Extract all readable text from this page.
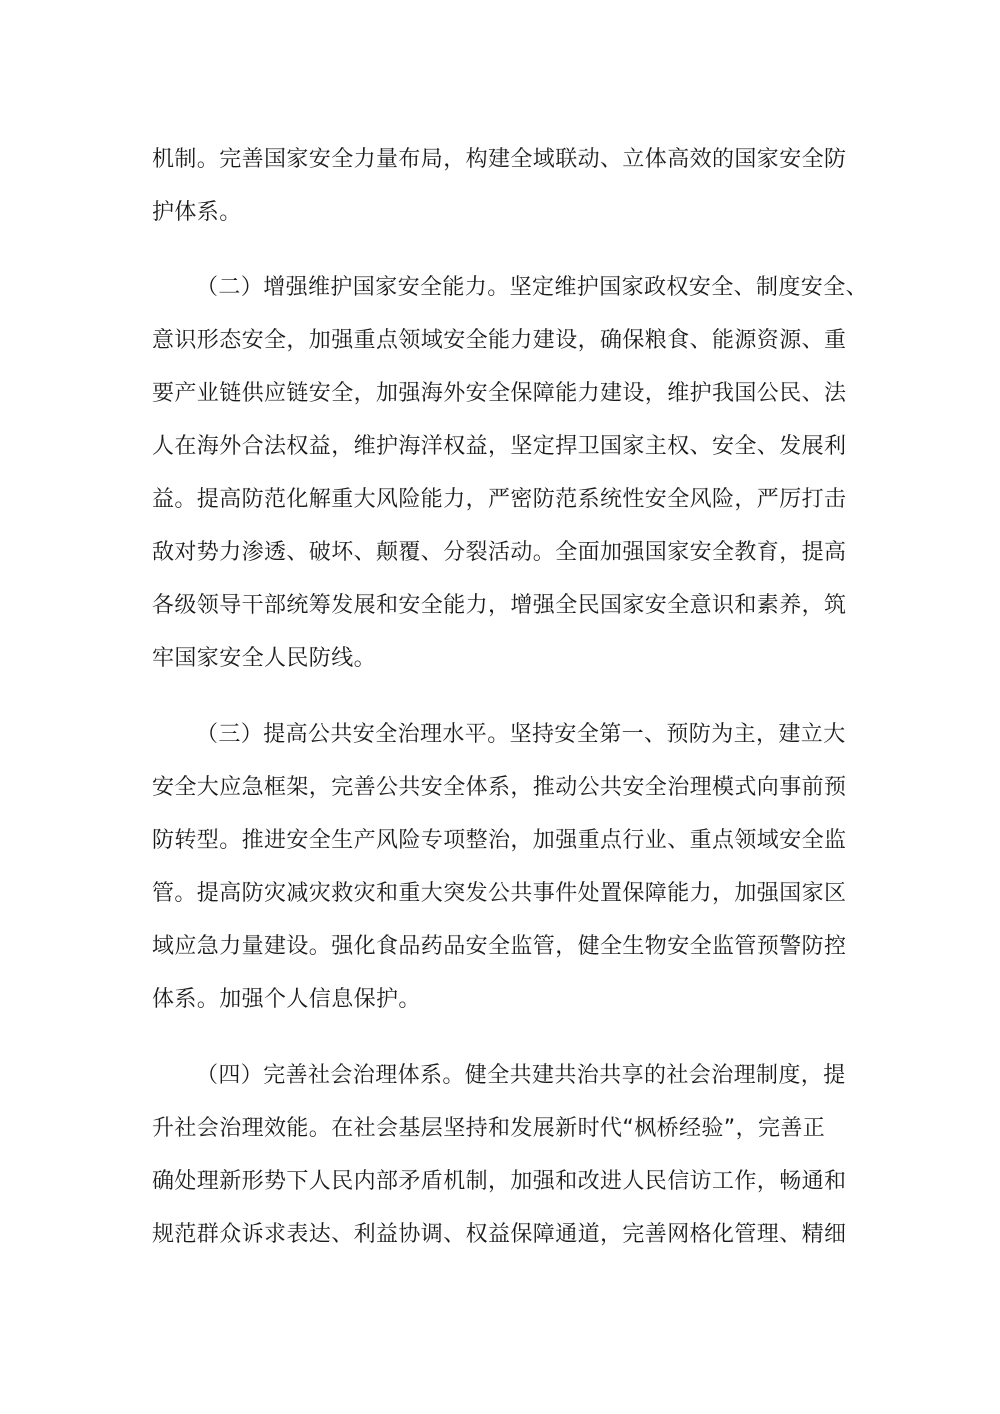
机制。完善国家安全力量布局，构建全域联动、立体高效的国家安全防
护体系。
（二）增强维护国家安全能力。坚定维护国家政权安全、制度安全、
意识形态安全，加强重点领域安全能力建设，确保粮食、能源资源、重
要产业链供应链安全，加强海外安全保障能力建设，维护我国公民、法
人在海外合法权益，维护海洋权益，坚定捍卫国家主权、安全、发展利
益。提高防范化解重大风险能力，严密防范系统性安全风险，严厉打击
敌对势力渗透、破坏、颠覆、分裂活动。全面加强国家安全教育，提高
各级领导干部统筹发展和安全能力，增强全民国家安全意识和素养，筑
牢国家安全人民防线。
（三）提高公共安全治理水平。坚持安全第一、预防为主，建立大
安全大应急框架，完善公共安全体系，推动公共安全治理模式向事前预
防转型。推进安全生产风险专项整治，加强重点行业、重点领域安全监
管。提高防灾减灾救灾和重大突发公共事件处置保障能力，加强国家区
域应急力量建设。强化食品药品安全监管，健全生物安全监管预警防控
体系。加强个人信息保护。
（四）完善社会治理体系。健全共建共治共享的社会治理制度，提
升社会治理效能。在社会基层坚持和发展新时代“枫桥经验”，完善正
确处理新形势下人民内部矛盾机制，加强和改进人民信访工作，畅通和
规范群众诉求表达、利益协调、权益保障通道，完善网格化管理、精细
